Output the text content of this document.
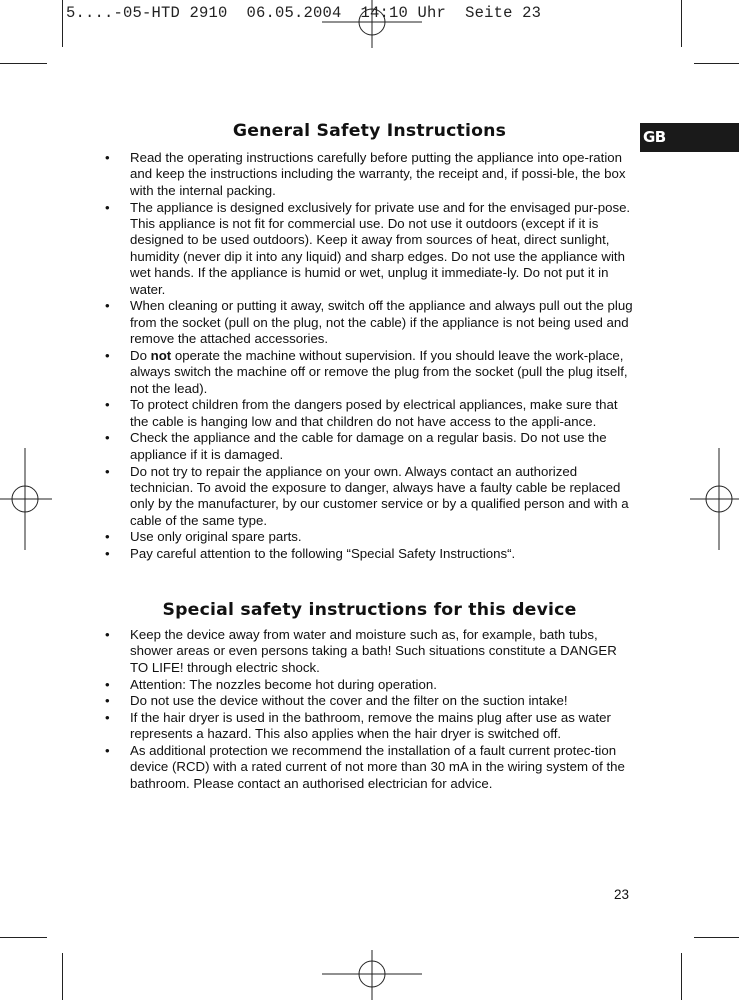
5....-05-HTD 2910  06.05.2004  14:10 Uhr  Seite 23
GB
General Safety Instructions
• Read the operating instructions carefully before putting the appliance into ope-ration and keep the instructions including the warranty, the receipt and, if possi-ble, the box with the internal packing.
• The appliance is designed exclusively for private use and for the envisaged pur-pose. This appliance is not fit for commercial use. Do not use it outdoors (except if it is designed to be used outdoors). Keep it away from sources of heat, direct sunlight, humidity (never dip it into any liquid) and sharp edges. Do not use the appliance with wet hands. If the appliance is humid or wet, unplug it immediate-ly. Do not put it in water.
• When cleaning or putting it away, switch off the appliance and always pull out the plug from the socket (pull on the plug, not the cable) if the appliance is not being used and remove the attached accessories.
• Do not operate the machine without supervision. If you should leave the work-place, always switch the machine off or remove the plug from the socket (pull the plug itself, not the lead).
• To protect children from the dangers posed by electrical appliances, make sure that the cable is hanging low and that children do not have access to the appli-ance.
• Check the appliance and the cable for damage on a regular basis. Do not use the appliance if it is damaged.
• Do not try to repair the appliance on your own. Always contact an authorized technician. To avoid the exposure to danger, always have a faulty cable be replaced only by the manufacturer, by our customer service or by a qualified person and with a cable of the same type.
• Use only original spare parts.
• Pay careful attention to the following “Special Safety Instructions“.
Special safety instructions for this device
• Keep the device away from water and moisture such as, for example, bath tubs, shower areas or even persons taking a bath! Such situations constitute a DANGER TO LIFE! through electric shock.
• Attention: The nozzles become hot during operation.
• Do not use the device without the cover and the filter on the suction intake!
• If the hair dryer is used in the bathroom, remove the mains plug after use as water represents a hazard. This also applies when the hair dryer is switched off.
• As additional protection we recommend the installation of a fault current protec-tion device (RCD) with a rated current of not more than 30 mA in the wiring system of the bathroom. Please contact an authorised electrician for advice.
23
